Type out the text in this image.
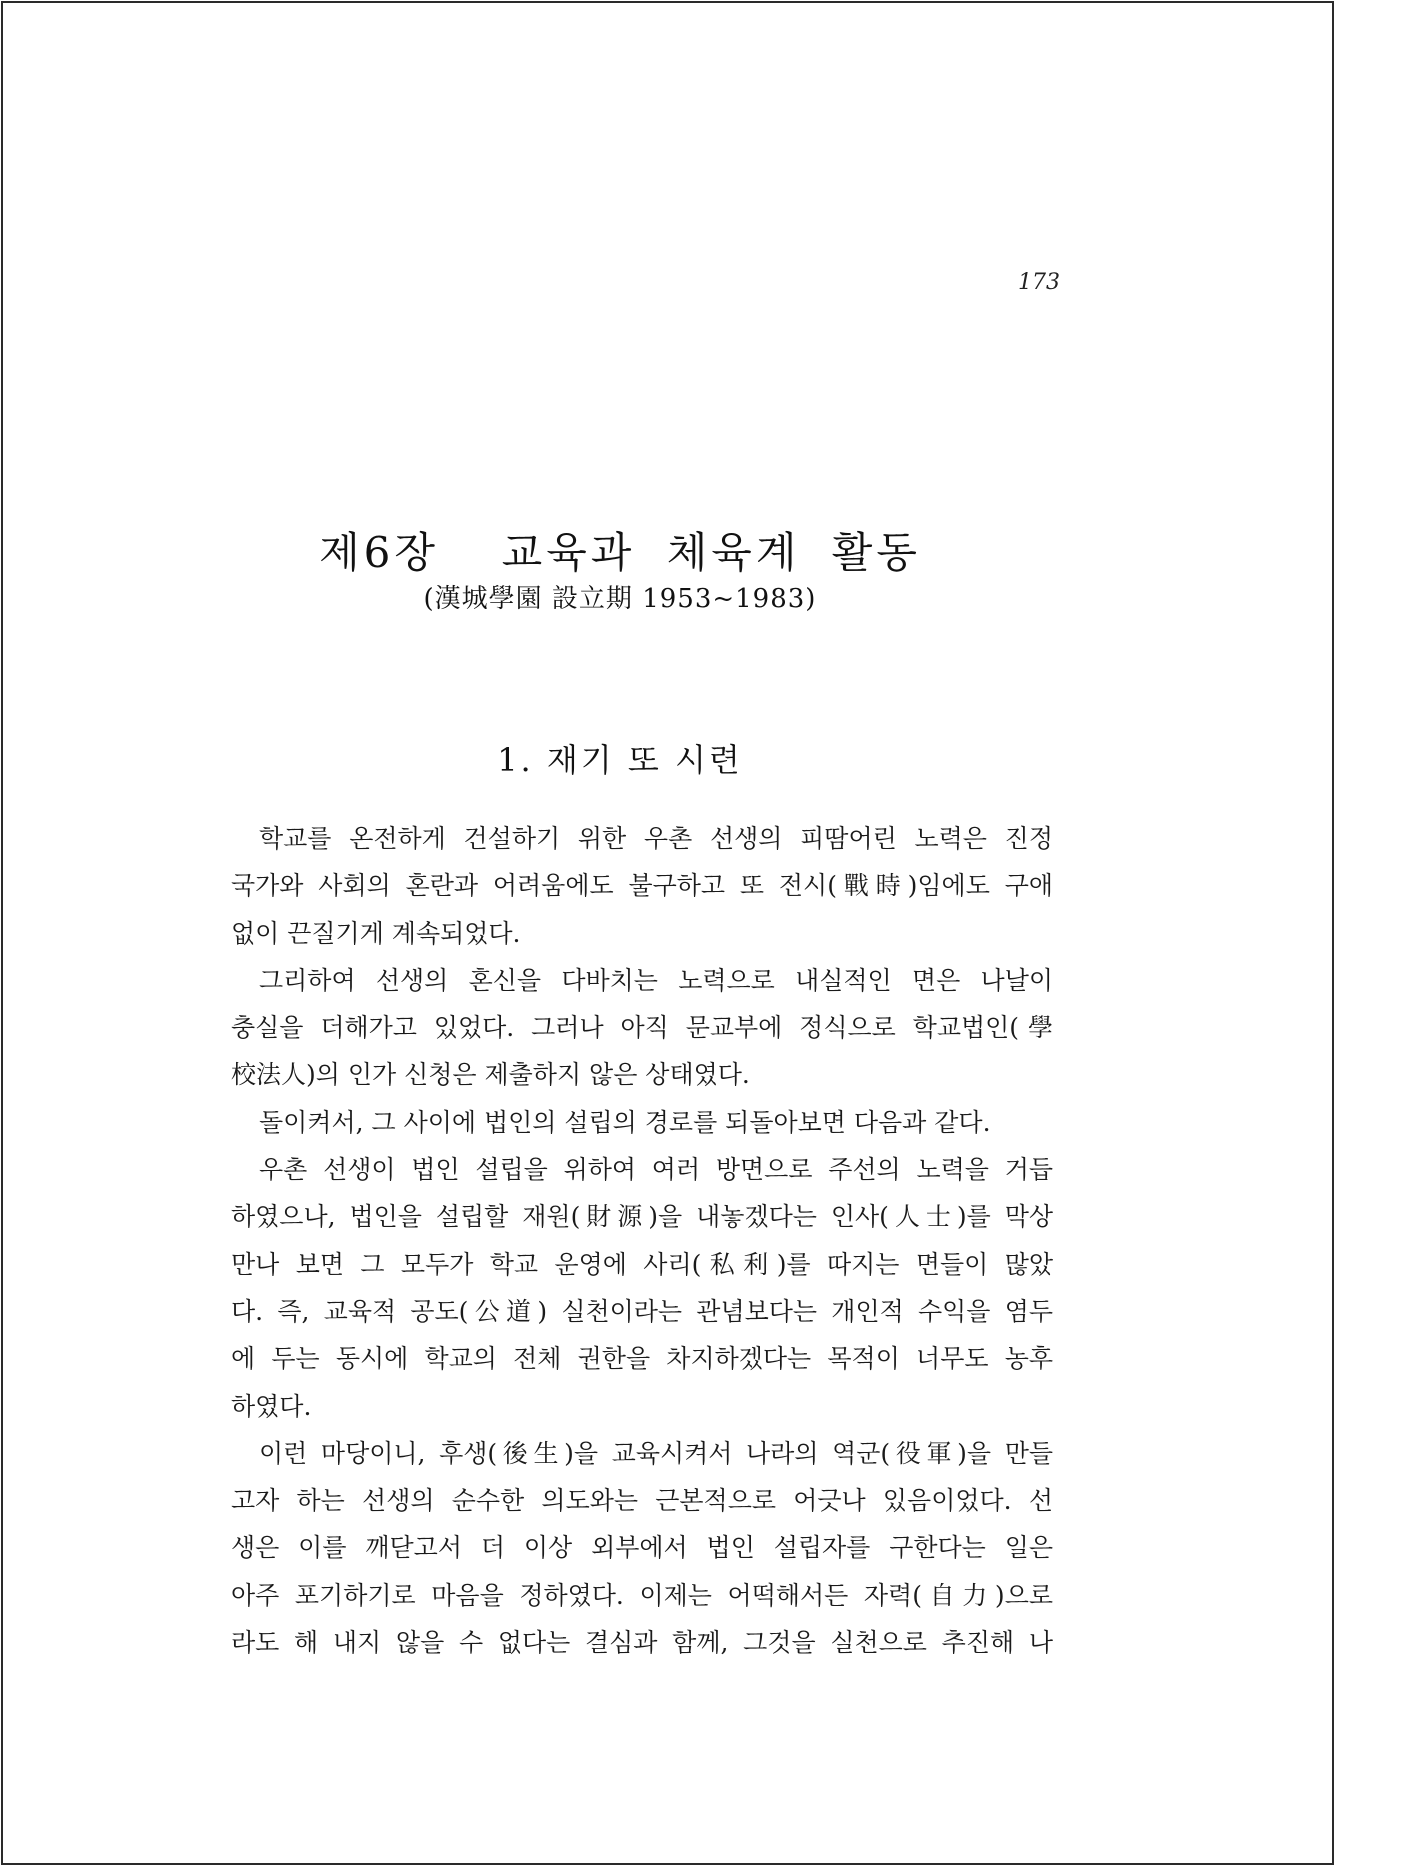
173
제6장  교육과 체육계 활동
(漢城學園 設立期 1953~1983)
1. 재기 또 시련
학교를 온전하게 건설하기 위한 우촌 선생의 피땀어린 노력은 진정
국가와 사회의 혼란과 어려움에도 불구하고 또 전시(戰時)임에도 구애
없이 끈질기게 계속되었다.
그리하여 선생의 혼신을 다바치는 노력으로 내실적인 면은 나날이
충실을 더해가고 있었다. 그러나 아직 문교부에 정식으로 학교법인(學
校法人)의 인가 신청은 제출하지 않은 상태였다.
돌이켜서, 그 사이에 법인의 설립의 경로를 되돌아보면 다음과 같다.
우촌 선생이 법인 설립을 위하여 여러 방면으로 주선의 노력을 거듭
하였으나, 법인을 설립할 재원(財源)을 내놓겠다는 인사(人士)를 막상
만나 보면 그 모두가 학교 운영에 사리(私利)를 따지는 면들이 많았
다. 즉, 교육적 공도(公道) 실천이라는 관념보다는 개인적 수익을 염두
에 두는 동시에 학교의 전체 권한을 차지하겠다는 목적이 너무도 농후
하였다.
이런 마당이니, 후생(後生)을 교육시켜서 나라의 역군(役軍)을 만들
고자 하는 선생의 순수한 의도와는 근본적으로 어긋나 있음이었다. 선
생은 이를 깨닫고서 더 이상 외부에서 법인 설립자를 구한다는 일은
아주 포기하기로 마음을 정하였다. 이제는 어떡해서든 자력(自力)으로
라도 해 내지 않을 수 없다는 결심과 함께, 그것을 실천으로 추진해 나
